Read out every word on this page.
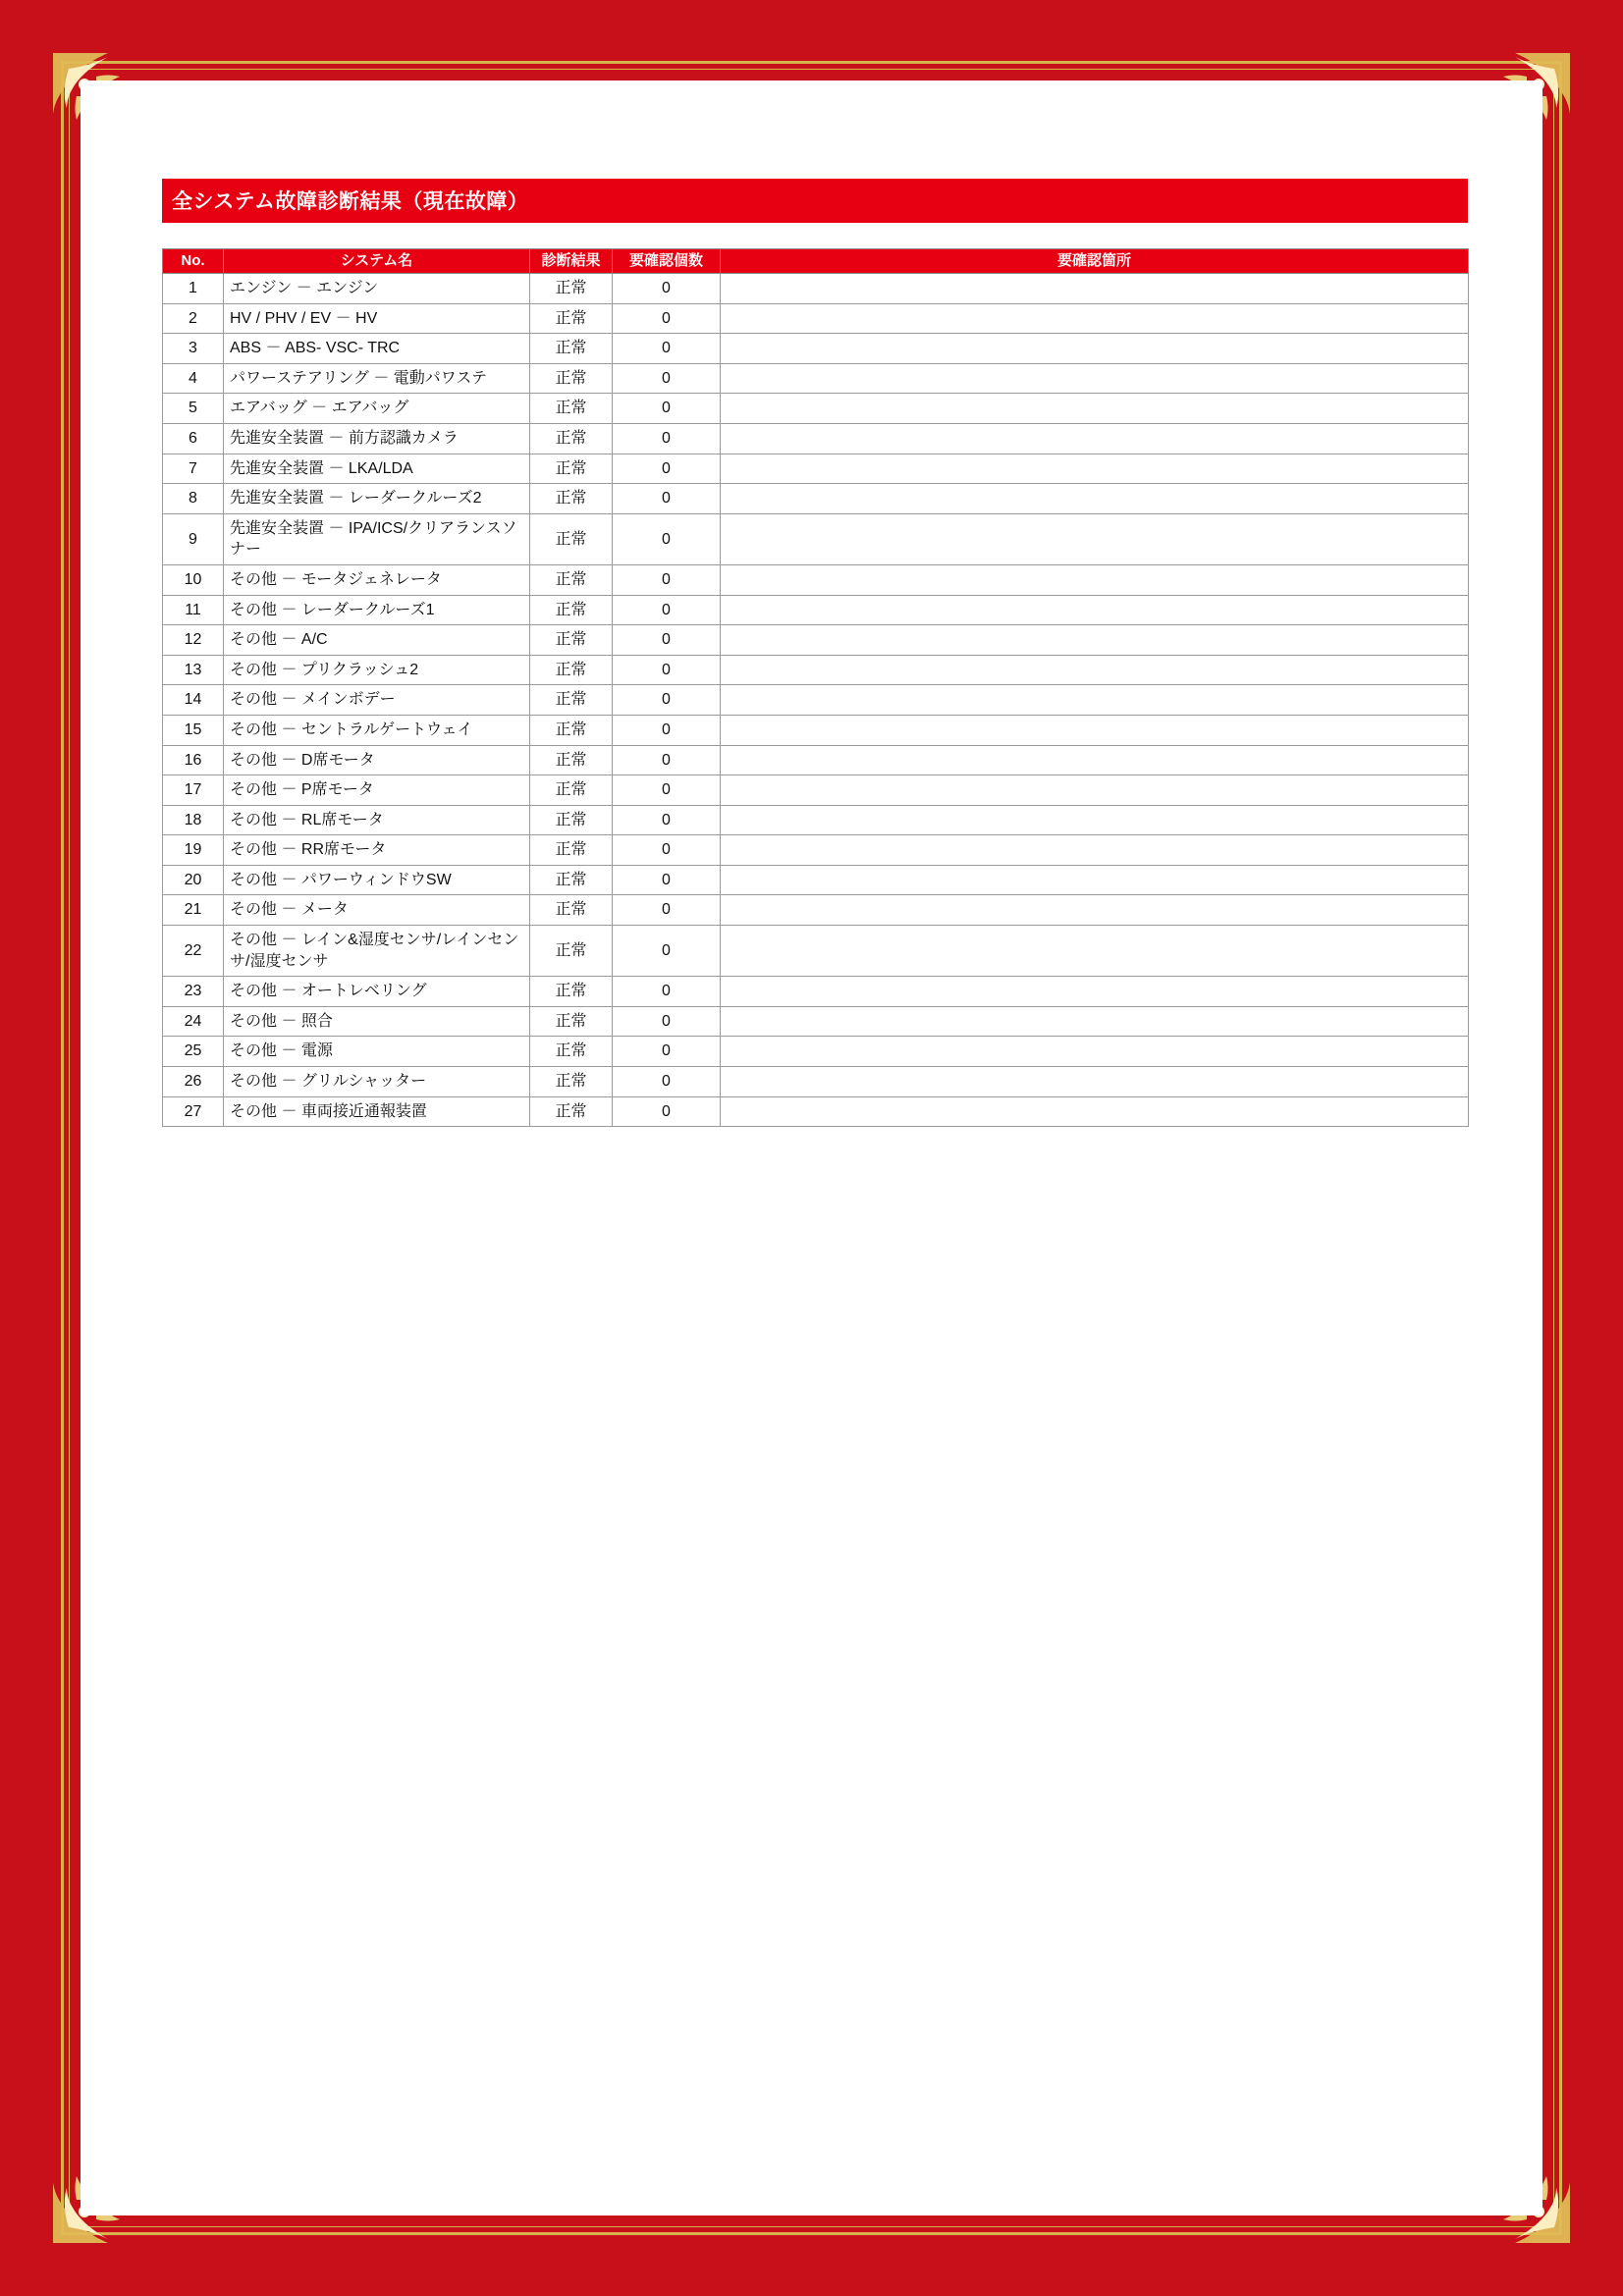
全システム故障診断結果（現在故障）
No.	システム名	診断結果	要確認個数	要確認箇所
1	エンジン － エンジン	正常	0	
2	HV / PHV / EV － HV	正常	0	
3	ABS － ABS- VSC- TRC	正常	0	
4	パワーステアリング － 電動パワステ	正常	0	
5	エアバッグ － エアバッグ	正常	0	
6	先進安全装置 － 前方認識カメラ	正常	0	
7	先進安全装置 － LKA/LDA	正常	0	
8	先進安全装置 － レーダークルーズ2	正常	0	
9	先進安全装置 － IPA/ICS/クリアランスソナー	正常	0	
10	その他 － モータジェネレータ	正常	0	
11	その他 － レーダークルーズ1	正常	0	
12	その他 － A/C	正常	0	
13	その他 － プリクラッシュ2	正常	0	
14	その他 － メインボデー	正常	0	
15	その他 － セントラルゲートウェイ	正常	0	
16	その他 － D席モータ	正常	0	
17	その他 － P席モータ	正常	0	
18	その他 － RL席モータ	正常	0	
19	その他 － RR席モータ	正常	0	
20	その他 － パワーウィンドウSW	正常	0	
21	その他 － メータ	正常	0	
22	その他 － レイン&湿度センサ/レインセンサ/湿度センサ	正常	0	
23	その他 － オートレベリング	正常	0	
24	その他 － 照合	正常	0	
25	その他 － 電源	正常	0	
26	その他 － グリルシャッター	正常	0	
27	その他 － 車両接近通報装置	正常	0	
